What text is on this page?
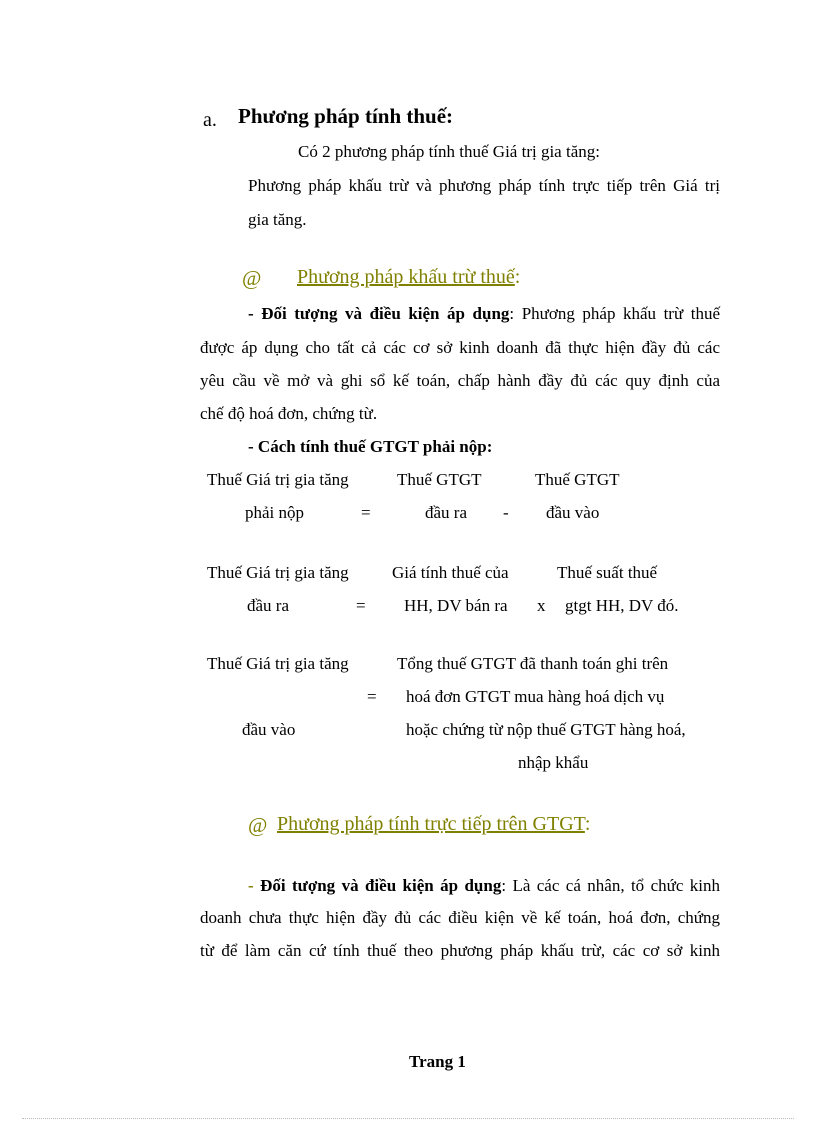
a. Phương pháp tính thuế:
Có 2 phương pháp tính thuế Giá trị gia tăng:
Phương pháp khấu trừ và phương pháp tính trực tiếp trên Giá trị
gia tăng.
@ Phương pháp khấu trừ thuế:
- Đối tượng và điều kiện áp dụng: Phương pháp khấu trừ thuế
được áp dụng cho tất cả các cơ sở kinh doanh đã thực hiện đầy đủ các
yêu cầu về mở và ghi sổ kế toán, chấp hành đầy đủ các quy định của
chế độ hoá đơn, chứng từ.
- Cách tính thuế GTGT phải nộp:
Thuế Giá trị gia tăng
phải nộp	=
Thuế GTGT
đầu ra -
Thuế GTGT
đầu vào
Thuế Giá trị gia tăng
đầu ra	=
Giá tính thuế của
HH, DV bán ra x
Thuế suất thuế
gtgt HH, DV đó.
Thuế Giá trị gia tăng
đầu vào
=
Tổng thuế GTGT đã thanh toán ghi trên
hoá đơn GTGT mua hàng hoá dịch vụ
hoặc chứng từ nộp thuế GTGT hàng hoá,
nhập khẩu
@ Phương pháp tính trực tiếp trên GTGT:
- Đối tượng và điều kiện áp dụng: Là các cá nhân, tổ chức kinh
doanh chưa thực hiện đầy đủ các điều kiện về kế toán, hoá đơn, chứng
từ để làm căn cứ tính thuế theo phương pháp khấu trừ, các cơ sở kinh
Trang 1
